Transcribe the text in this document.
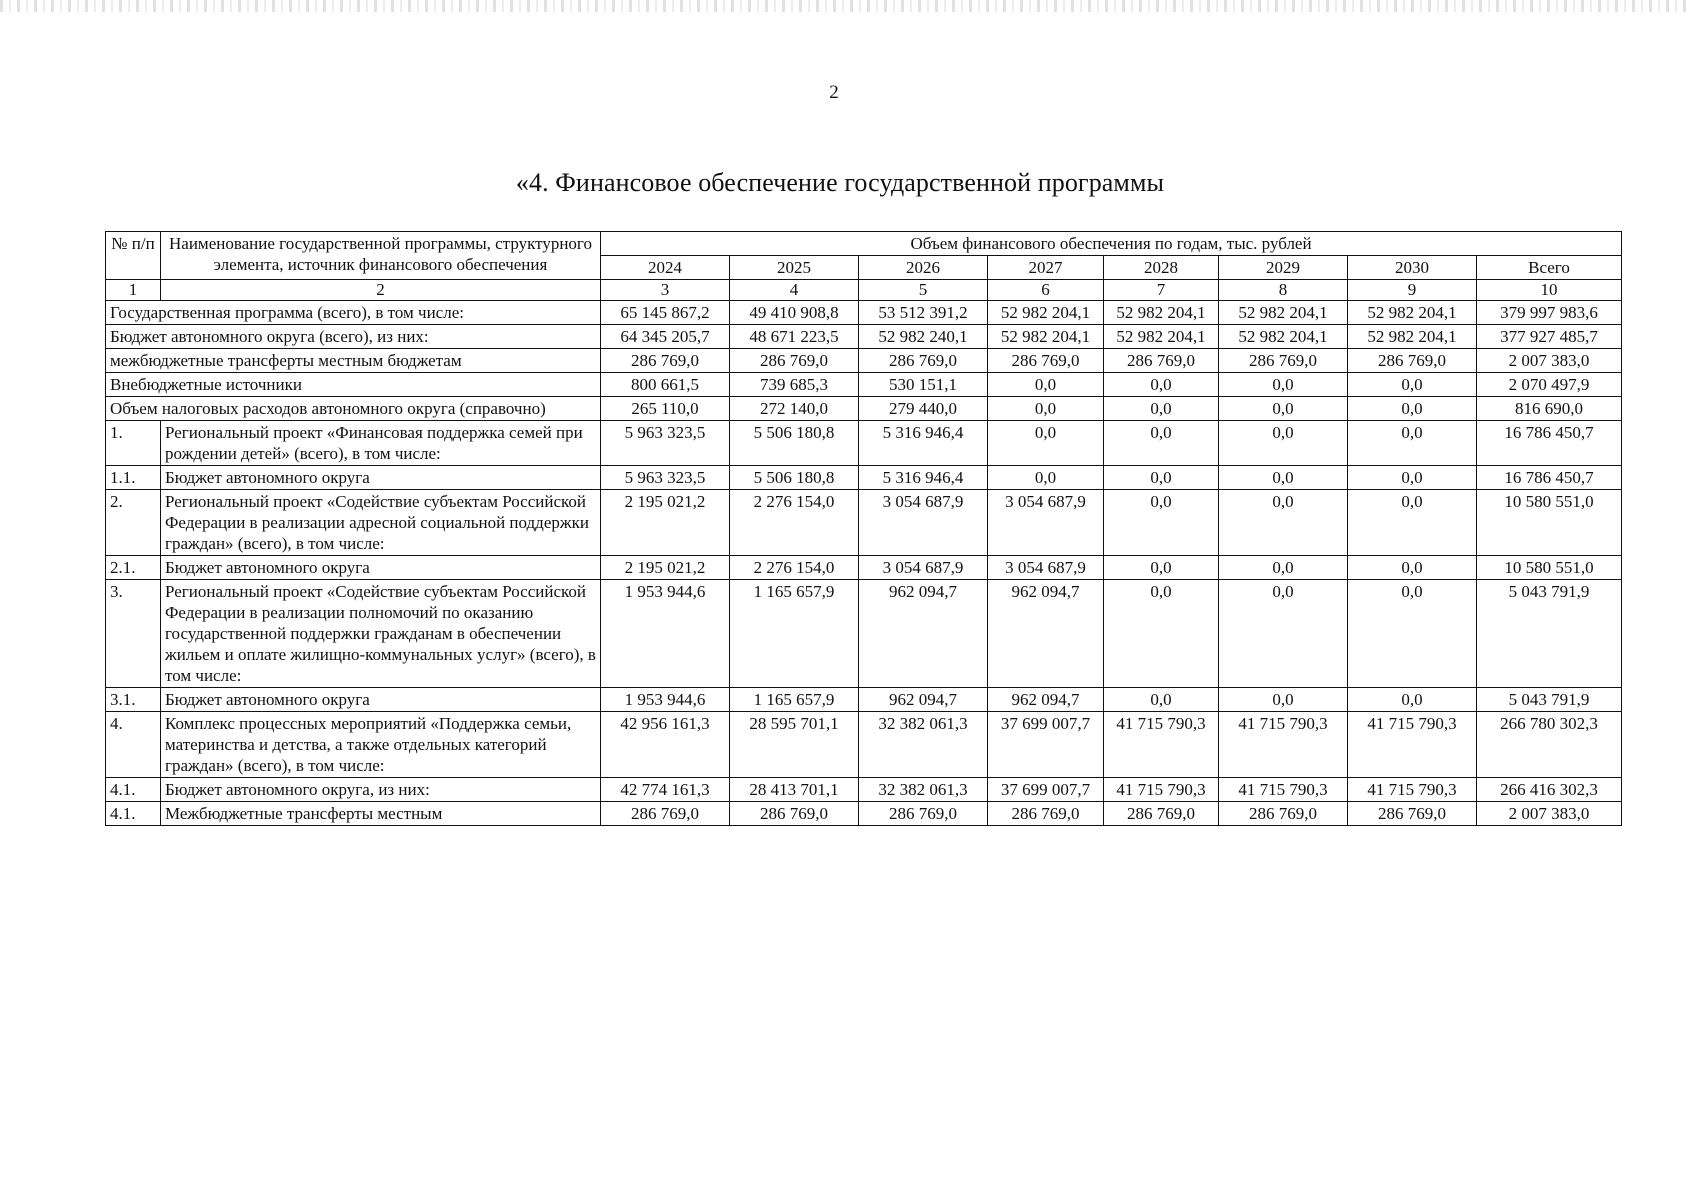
2
«4. Финансовое обеспечение государственной программы
№ п/п	Наименование государственной программы, структурного элемента, источник финансового обеспечения	Объем финансового обеспечения по годам, тыс. рублей							
		2024	2025	2026	2027	2028	2029	2030	Всего
1	2	3	4	5	6	7	8	9	10
Государственная программа (всего), в том числе:		65 145 867,2	49 410 908,8	53 512 391,2	52 982 204,1	52 982 204,1	52 982 204,1	52 982 204,1	379 997 983,6
Бюджет автономного округа (всего), из них:		64 345 205,7	48 671 223,5	52 982 240,1	52 982 204,1	52 982 204,1	52 982 204,1	52 982 204,1	377 927 485,7
межбюджетные трансферты местным бюджетам		286 769,0	286 769,0	286 769,0	286 769,0	286 769,0	286 769,0	286 769,0	2 007 383,0
Внебюджетные источники		800 661,5	739 685,3	530 151,1	0,0	0,0	0,0	0,0	2 070 497,9
Объем налоговых расходов автономного округа (справочно)		265 110,0	272 140,0	279 440,0	0,0	0,0	0,0	0,0	816 690,0
1.	Региональный проект «Финансовая поддержка семей при рождении детей» (всего), в том числе:	5 963 323,5	5 506 180,8	5 316 946,4	0,0	0,0	0,0	0,0	16 786 450,7
1.1.	Бюджет автономного округа	5 963 323,5	5 506 180,8	5 316 946,4	0,0	0,0	0,0	0,0	16 786 450,7
2.	Региональный проект «Содействие субъектам Российской Федерации в реализации адресной социальной поддержки граждан» (всего), в том числе:	2 195 021,2	2 276 154,0	3 054 687,9	3 054 687,9	0,0	0,0	0,0	10 580 551,0
2.1.	Бюджет автономного округа	2 195 021,2	2 276 154,0	3 054 687,9	3 054 687,9	0,0	0,0	0,0	10 580 551,0
3.	Региональный проект «Содействие субъектам Российской Федерации в реализации полномочий по оказанию государственной поддержки гражданам в обеспечении жильем и оплате жилищно-коммунальных услуг» (всего), в том числе:	1 953 944,6	1 165 657,9	962 094,7	962 094,7	0,0	0,0	0,0	5 043 791,9
3.1.	Бюджет автономного округа	1 953 944,6	1 165 657,9	962 094,7	962 094,7	0,0	0,0	0,0	5 043 791,9
4.	Комплекс процессных мероприятий «Поддержка семьи, материнства и детства, а также отдельных категорий граждан» (всего), в том числе:	42 956 161,3	28 595 701,1	32 382 061,3	37 699 007,7	41 715 790,3	41 715 790,3	41 715 790,3	266 780 302,3
4.1.	Бюджет автономного округа, из них:	42 774 161,3	28 413 701,1	32 382 061,3	37 699 007,7	41 715 790,3	41 715 790,3	41 715 790,3	266 416 302,3
4.1.	Межбюджетные трансферты местным	286 769,0	286 769,0	286 769,0	286 769,0	286 769,0	286 769,0	286 769,0	2 007 383,0
